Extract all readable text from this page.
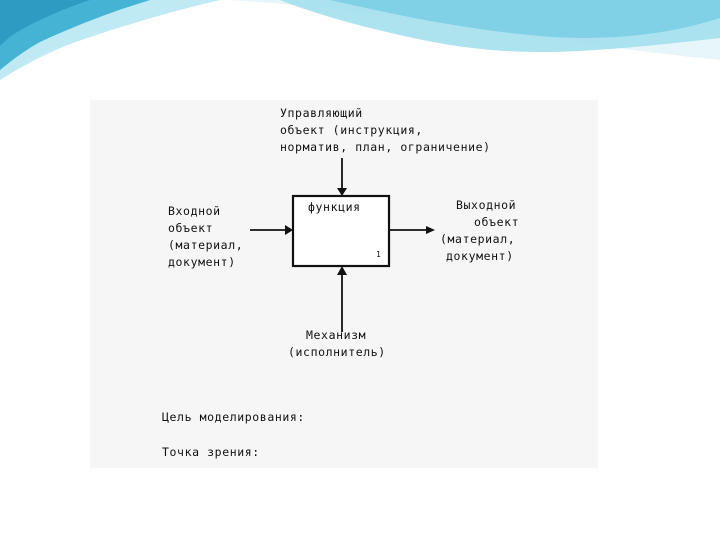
Управляющий
объект (инструкция,
норматив, план, ограничение)
Входной
объект
(материал,
документ)
функция
1
Выходной
объект
(материал,
документ)
Механизм
(исполнитель)
Цель моделирования:
Точка зрения:
